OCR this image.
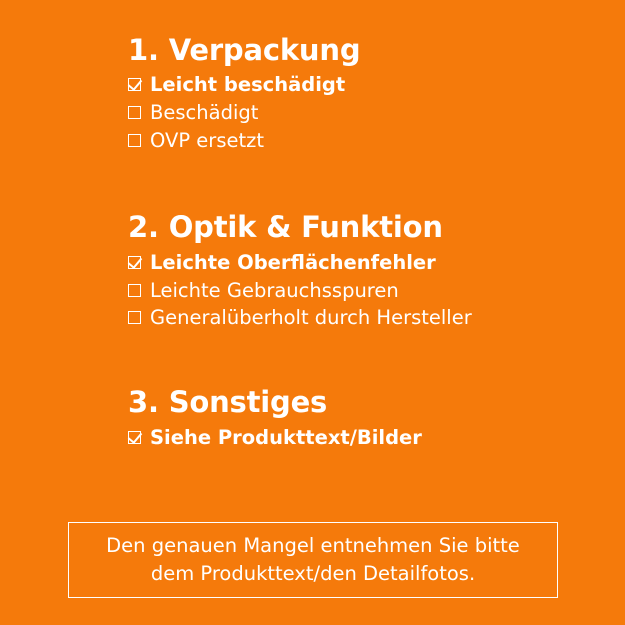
1. Verpackung
Leicht beschädigt
Beschädigt
OVP ersetzt
2. Optik & Funktion
Leichte Oberflächenfehler
Leichte Gebrauchsspuren
Generalüberholt durch Hersteller
3. Sonstiges
Siehe Produkttext/Bilder
Den genauen Mangel entnehmen Sie bitte
dem Produkttext/den Detailfotos.
